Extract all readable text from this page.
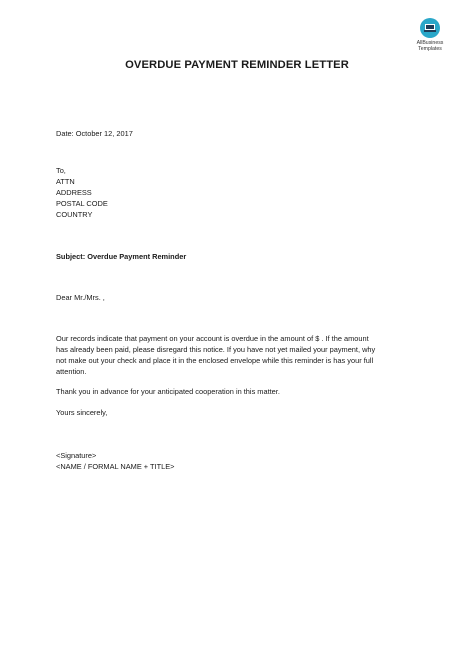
AllBusiness
Templates
OVERDUE PAYMENT REMINDER LETTER
Date: October 12, 2017
To,
ATTN
ADDRESS
POSTAL CODE
COUNTRY
Subject: Overdue Payment Reminder
Dear Mr./Mrs. ,
Our records indicate that payment on your account is overdue in the amount of $ . If the amount
has already been paid, please disregard this notice. If you have not yet mailed your payment, why
not make out your check and place it in the enclosed envelope while this reminder is has your full
attention.
Thank you in advance for your anticipated cooperation in this matter.
Yours sincerely,
<Signature>
<NAME / FORMAL NAME + TITLE>
